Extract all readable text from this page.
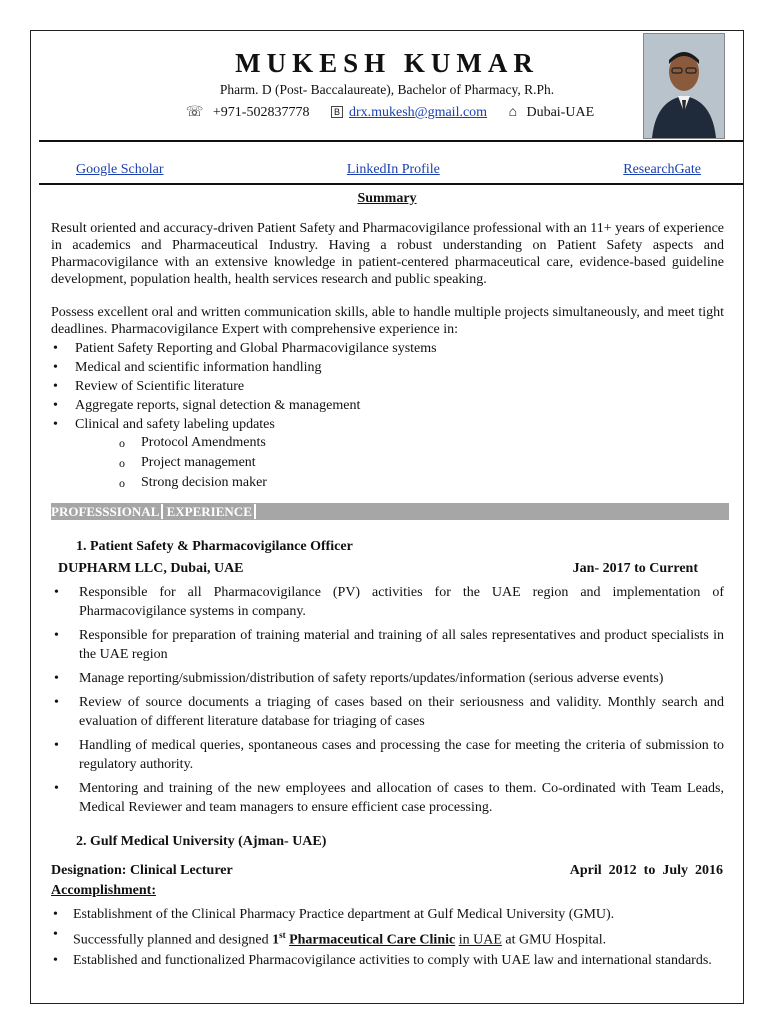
MUKESH KUMAR
Pharm. D (Post- Baccalaureate), Bachelor of Pharmacy, R.Ph.
☏ +971-502837778	B drx.mukesh@gmail.com ⌂ Dubai-UAE
Google Scholar	LinkedIn Profile	ResearchGate
Summary
Result oriented and accuracy-driven Patient Safety and Pharmacovigilance professional with an 11+ years of experience in academics and Pharmaceutical Industry. Having a robust understanding on Patient Safety aspects and Pharmacovigilance with an extensive knowledge in patient-centered pharmaceutical care, evidence-based guideline development, population health, health services research and public speaking.
Possess excellent oral and written communication skills, able to handle multiple projects simultaneously, and meet tight deadlines. Pharmacovigilance Expert with comprehensive experience in:
• Patient Safety Reporting and Global Pharmacovigilance systems
• Medical and scientific information handling
• Review of Scientific literature
• Aggregate reports, signal detection & management
• Clinical and safety labeling updates
o Protocol Amendments
o Project management
o Strong decision maker
PROFESSSIONAL EXPERIENCE
1. Patient Safety & Pharmacovigilance Officer
DUPHARM LLC, Dubai, UAE	Jan- 2017 to Current
• Responsible for all Pharmacovigilance (PV) activities for the UAE region and implementation of Pharmacovigilance systems in company.
• Responsible for preparation of training material and training of all sales representatives and product specialists in the UAE region
• Manage reporting/submission/distribution of safety reports/updates/information (serious adverse events)
• Review of source documents a triaging of cases based on their seriousness and validity. Monthly search and evaluation of different literature database for triaging of cases
• Handling of medical queries, spontaneous cases and processing the case for meeting the criteria of submission to regulatory authority.
• Mentoring and training of the new employees and allocation of cases to them. Co-ordinated with Team Leads, Medical Reviewer and team managers to ensure efficient case processing.
2. Gulf Medical University (Ajman- UAE)
Designation: Clinical Lecturer	April  2012  to  July  2016
Accomplishment:
• Establishment of the Clinical Pharmacy Practice department at Gulf Medical University (GMU).
• Successfully planned and designed 1st Pharmaceutical Care Clinic in UAE at GMU Hospital.
• Established and functionalized Pharmacovigilance activities to comply with UAE law and international standards.
